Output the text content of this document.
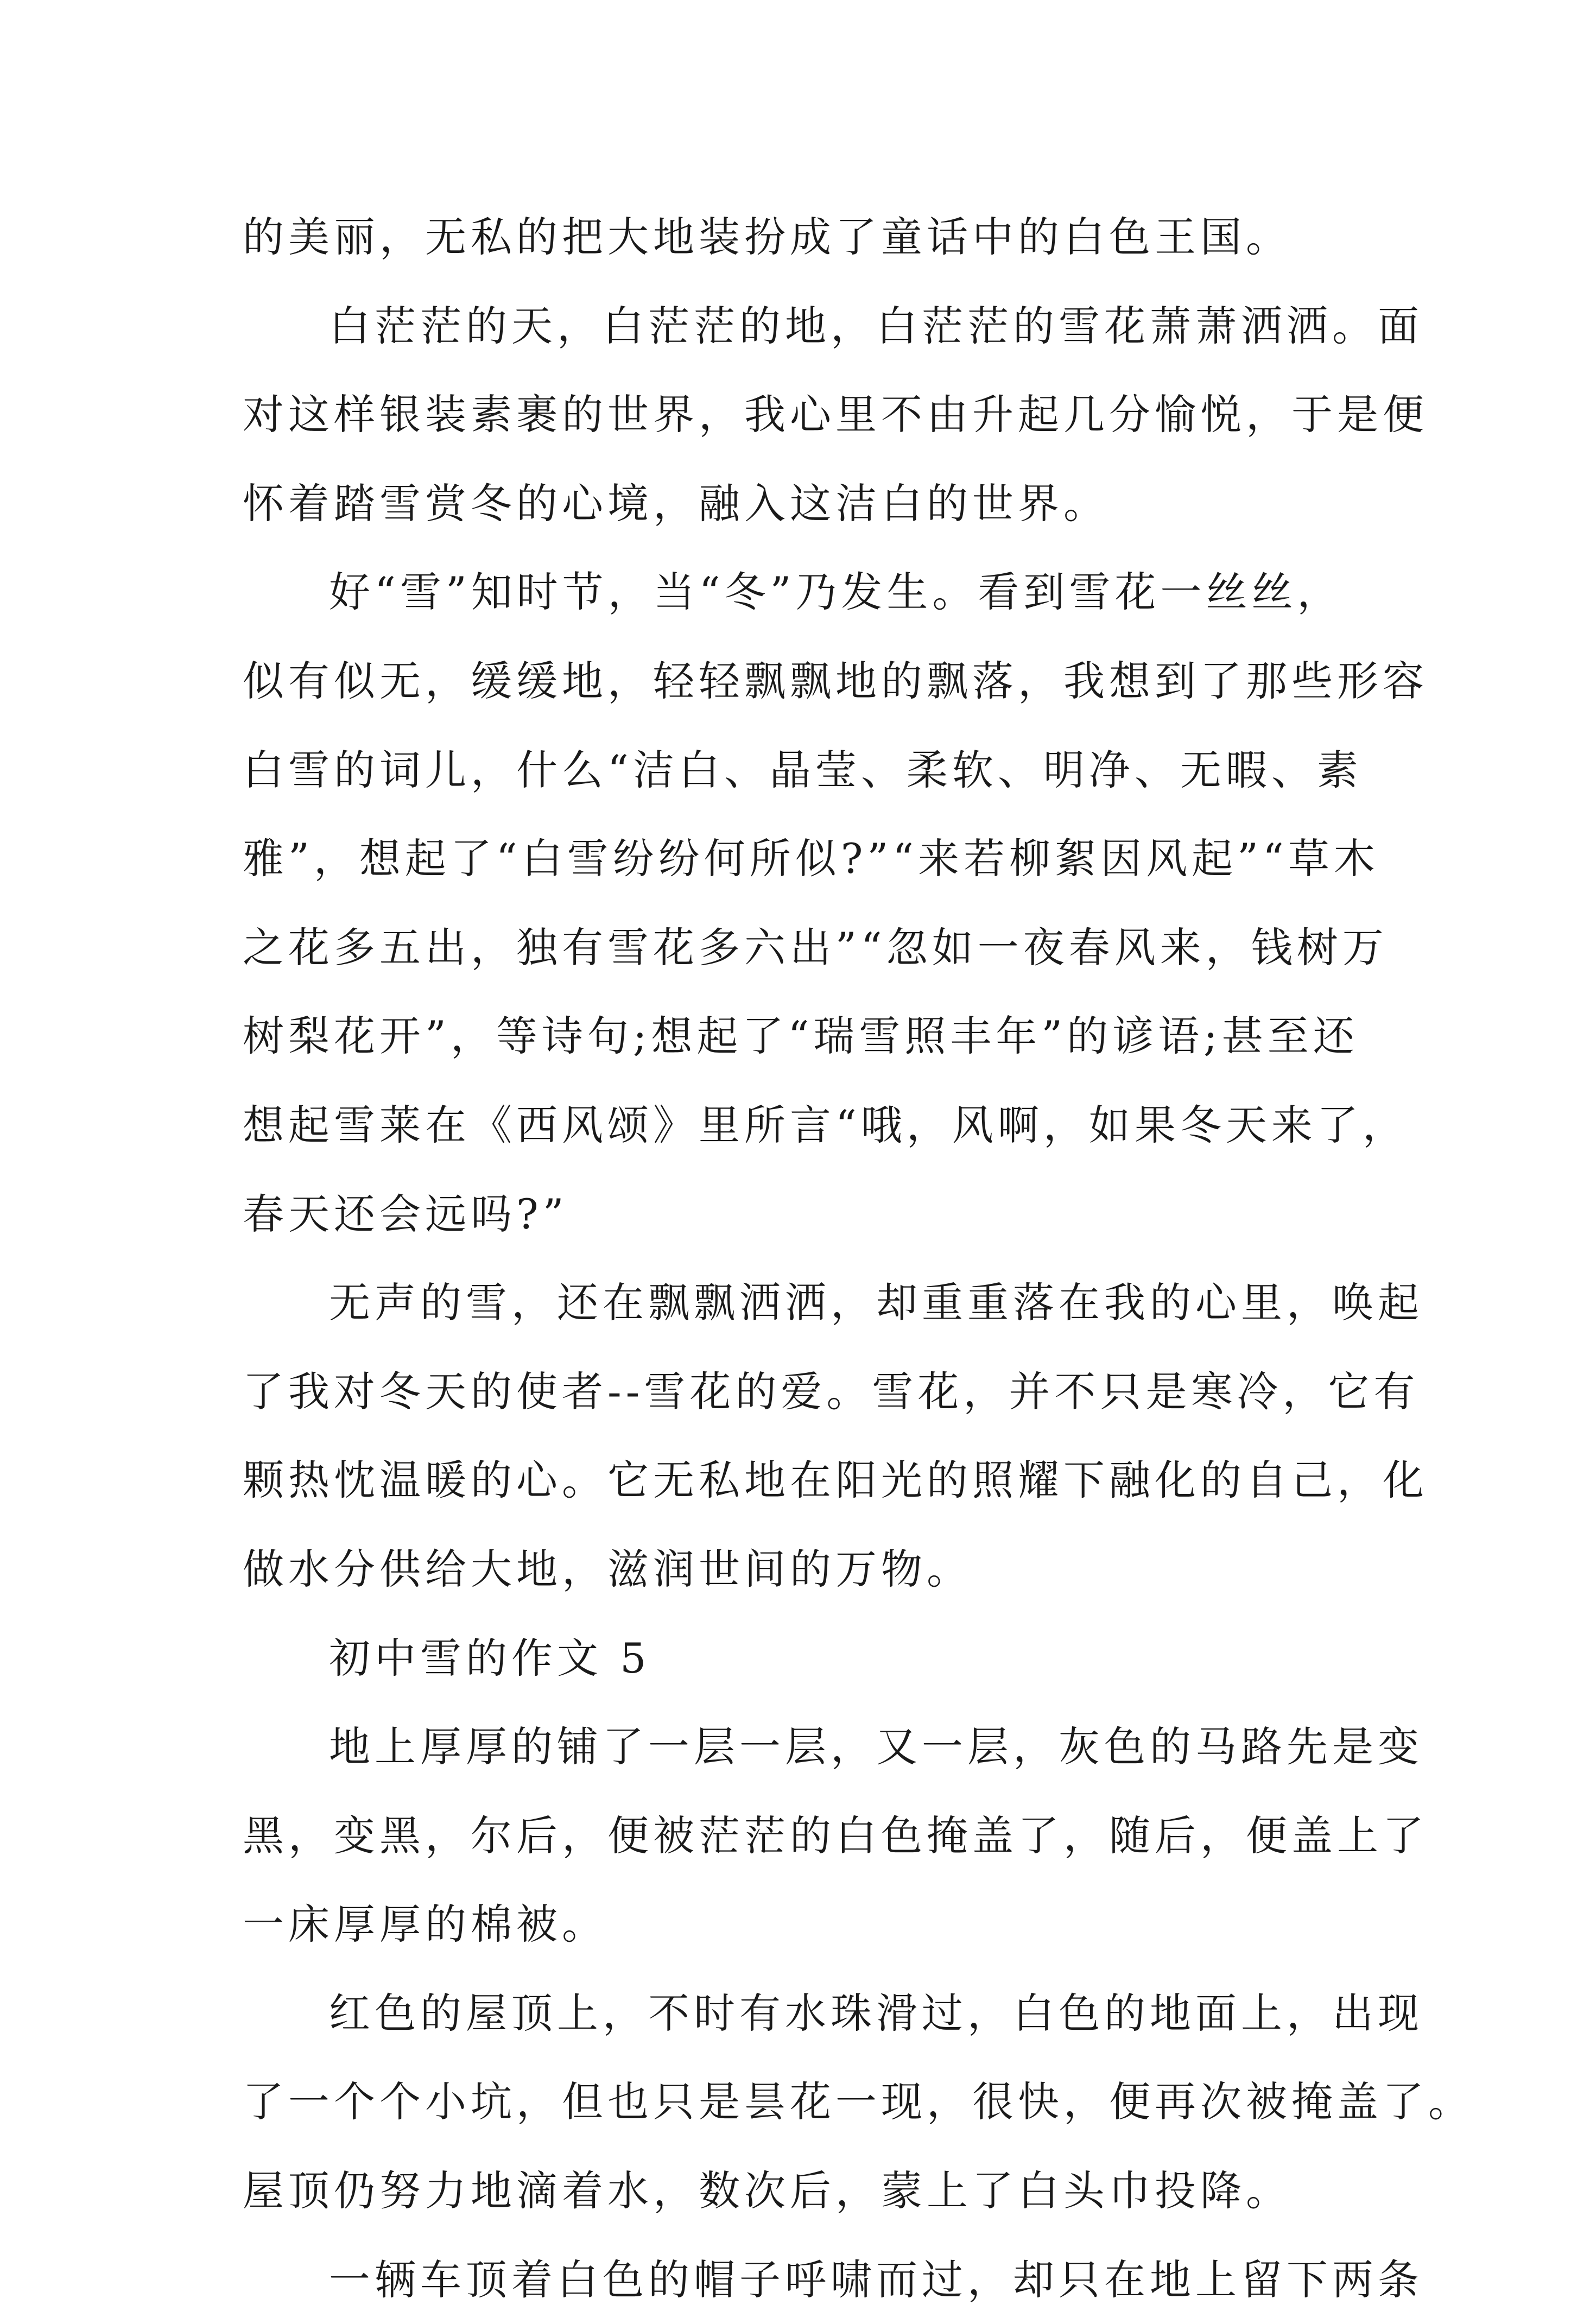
的美丽，无私的把大地装扮成了童话中的白色王国。
白茫茫的天，白茫茫的地，白茫茫的雪花萧萧洒洒。面
对这样银装素裹的世界，我心里不由升起几分愉悦，于是便
怀着踏雪赏冬的心境，融入这洁白的世界。
好“雪”知时节，当“冬”乃发生。看到雪花一丝丝，
似有似无，缓缓地，轻轻飘飘地的飘落，我想到了那些形容
白雪的词儿，什么“洁白、晶莹、柔软、明净、无暇、素
雅”，想起了“白雪纷纷何所似?”“来若柳絮因风起”“草木
之花多五出，独有雪花多六出”“忽如一夜春风来，钱树万
树梨花开”，等诗句;想起了“瑞雪照丰年”的谚语;甚至还
想起雪莱在《西风颂》里所言“哦，风啊，如果冬天来了，
春天还会远吗?”
无声的雪，还在飘飘洒洒，却重重落在我的心里，唤起
了我对冬天的使者--雪花的爱。雪花，并不只是寒冷，它有
颗热忱温暖的心。它无私地在阳光的照耀下融化的自己，化
做水分供给大地，滋润世间的万物。
初中雪的作文 5
地上厚厚的铺了一层一层，又一层，灰色的马路先是变
黑，变黑，尔后，便被茫茫的白色掩盖了，随后，便盖上了
一床厚厚的棉被。
红色的屋顶上，不时有水珠滑过，白色的地面上，出现
了一个个小坑，但也只是昙花一现，很快，便再次被掩盖了。
屋顶仍努力地滴着水，数次后，蒙上了白头巾投降。
一辆车顶着白色的帽子呼啸而过，却只在地上留下两条
